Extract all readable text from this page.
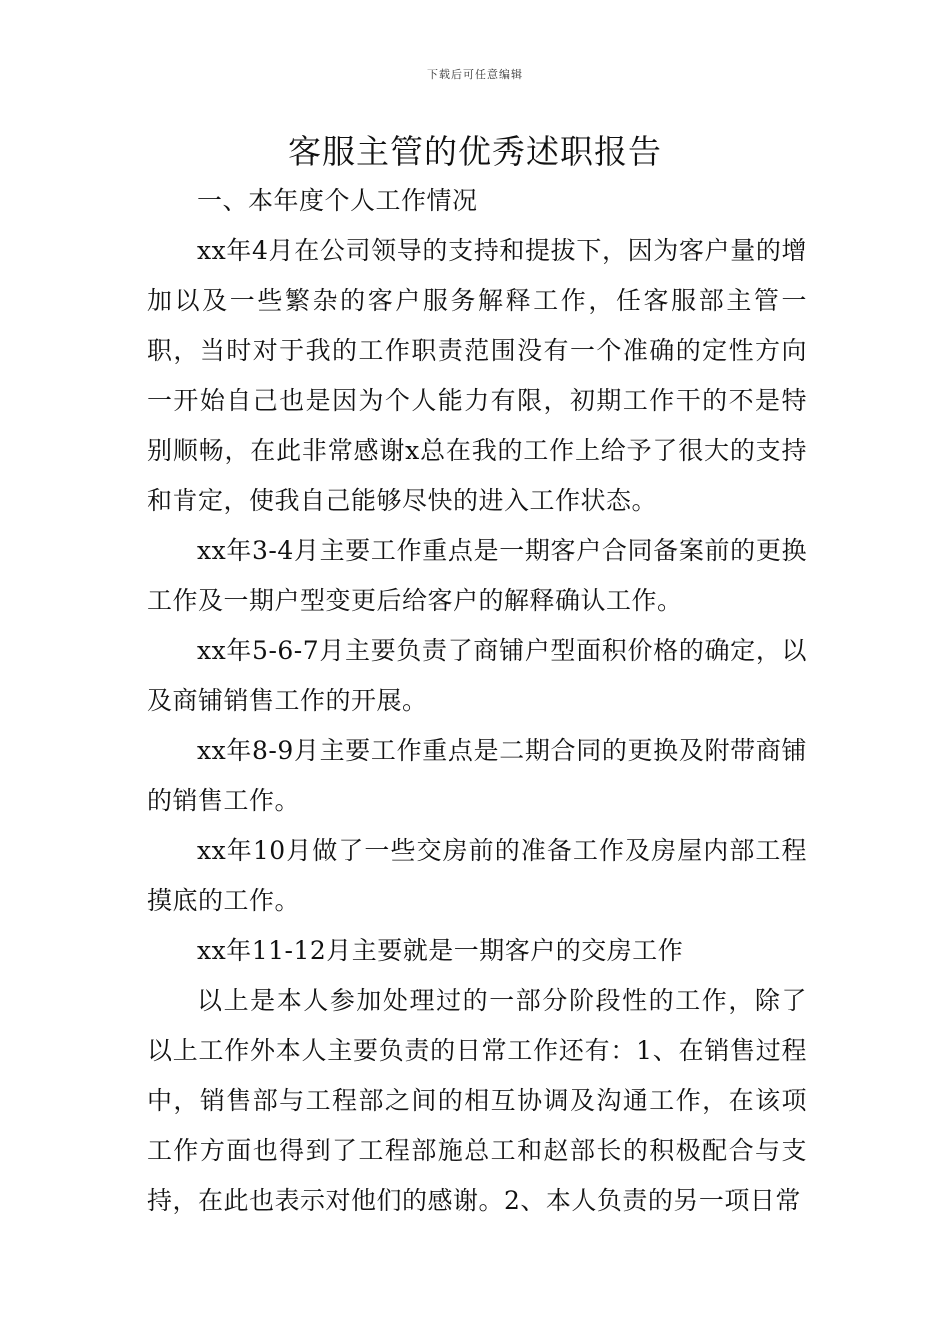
下载后可任意编辑
客服主管的优秀述职报告

一、本年度个人工作情况

xx年4月在公司领导的支持和提拔下，因为客户量的增加以及一些繁杂的客户服务解释工作，任客服部主管一职，当时对于我的工作职责范围没有一个准确的定性方向一开始自己也是因为个人能力有限，初期工作干的不是特别顺畅，在此非常感谢x总在我的工作上给予了很大的支持和肯定，使我自己能够尽快的进入工作状态。

xx年3-4月主要工作重点是一期客户合同备案前的更换工作及一期户型变更后给客户的解释确认工作。

xx年5-6-7月主要负责了商铺户型面积价格的确定，以及商铺销售工作的开展。

xx年8-9月主要工作重点是二期合同的更换及附带商铺的销售工作。

xx年10月做了一些交房前的准备工作及房屋内部工程摸底的工作。

xx年11-12月主要就是一期客户的交房工作

以上是本人参加处理过的一部分阶段性的工作，除了以上工作外本人主要负责的日常工作还有：1、在销售过程中，销售部与工程部之间的相互协调及沟通工作，在该项工作方面也得到了工程部施总工和赵部长的积极配合与支持，在此也表示对他们的感谢。2、本人负责的另一项日常
